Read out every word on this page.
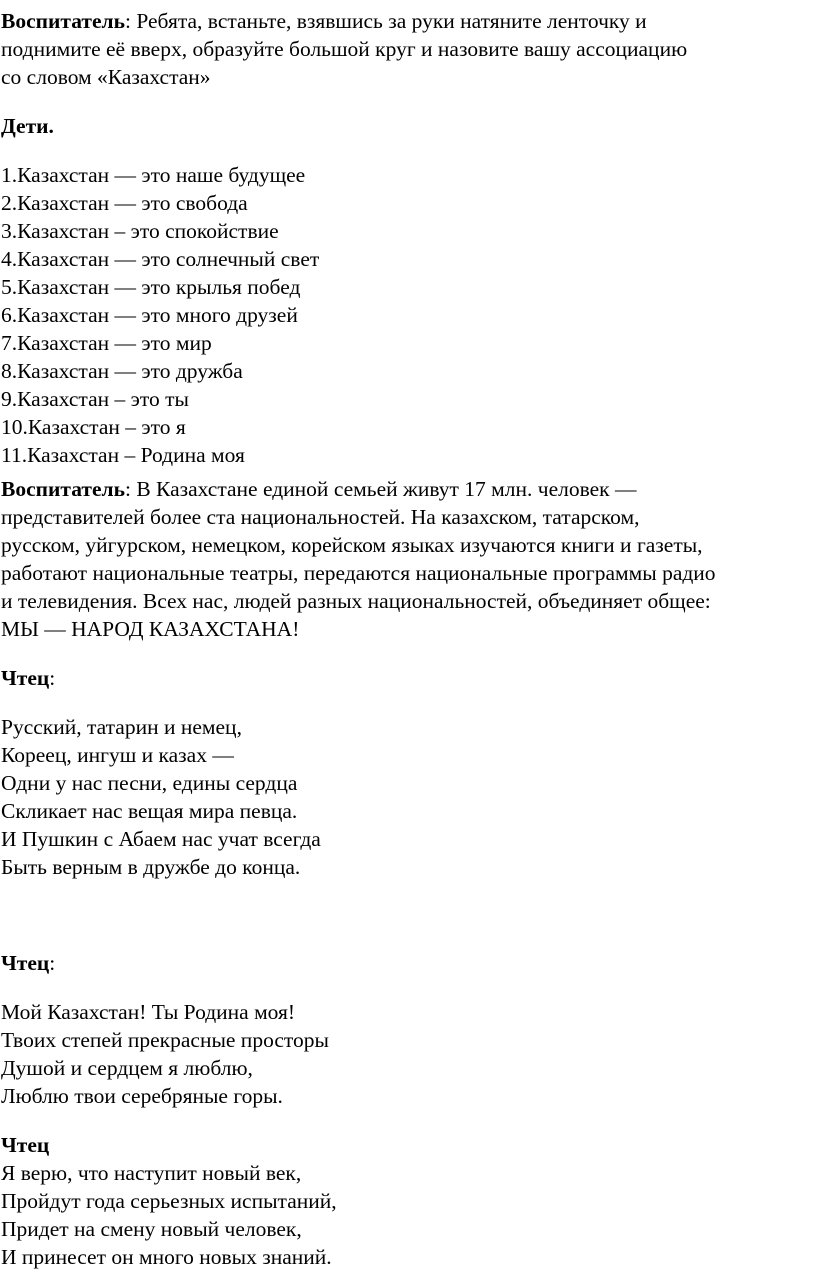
Воспитатель: Ребята, встаньте, взявшись за руки натяните ленточку и
поднимите её вверх, образуйте большой круг и назовите вашу ассоциацию
со словом «Казахстан»

Дети.

1.Казахстан — это наше будущее
2.Казахстан — это свобода
3.Казахстан – это спокойствие
4.Казахстан — это солнечный свет
5.Казахстан — это крылья побед
6.Казахстан — это много друзей
7.Казахстан — это мир
8.Казахстан — это дружба
9.Казахстан – это ты
10.Казахстан – это я
11.Казахстан – Родина моя

Воспитатель: В Казахстане единой семьей живут 17 млн. человек —
представителей более ста национальностей. На казахском, татарском,
русском, уйгурском, немецком, корейском языках изучаются книги и газеты,
работают национальные театры, передаются национальные программы радио
и телевидения. Всех нас, людей разных национальностей, объединяет общее:
МЫ — НАРОД КАЗАХСТАНА!

Чтец:

Русский, татарин и немец,
Кореец, ингуш и казах —
Одни у нас песни, едины сердца
Скликает нас вещая мира певца.
И Пушкин с Абаем нас учат всегда
Быть верным в дружбе до конца.

Чтец:

Мой Казахстан! Ты Родина моя!
Твоих степей прекрасные просторы
Душой и сердцем я люблю,
Люблю твои серебряные горы.

Чтец
Я верю, что наступит новый век,
Пройдут года серьезных испытаний,
Придет на смену новый человек,
И принесет он много новых знаний.
